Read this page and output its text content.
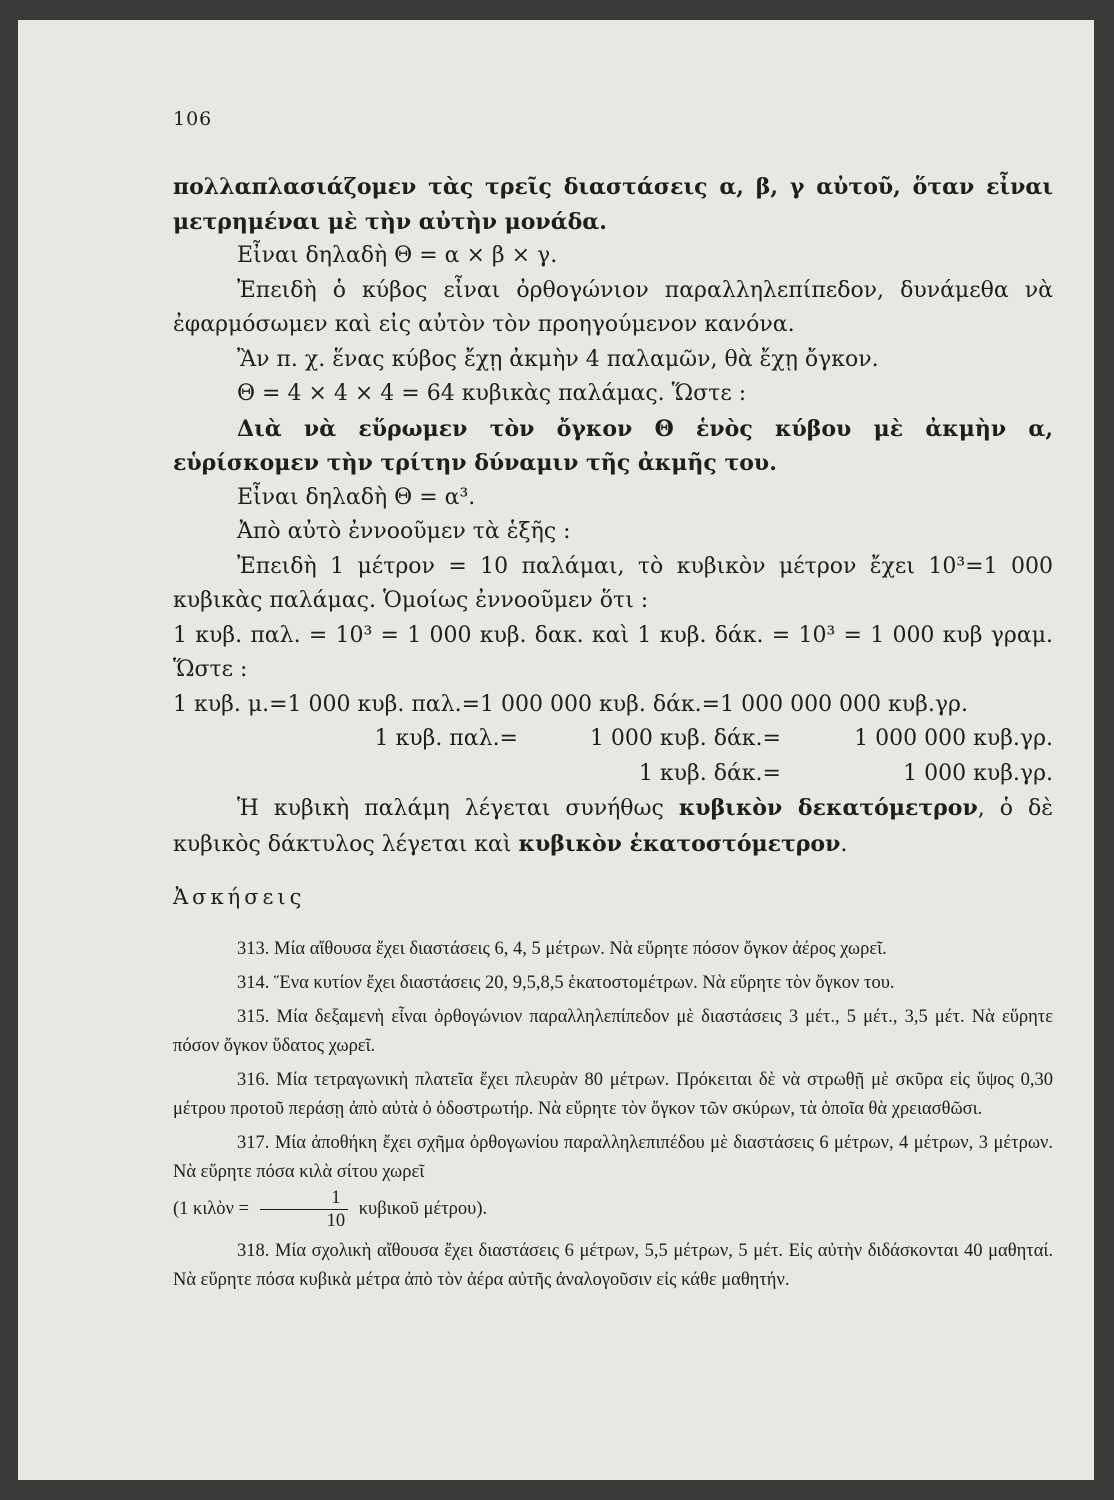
106

πολλαπλασιάζομεν τὰς τρεῖς διαστάσεις α, β, γ αὐτοῦ, ὅταν εἶναι μετρημέναι μὲ τὴν αὐτὴν μονάδα.

Εἶναι δηλαδὴ Θ = α × β × γ.

Ἐπειδὴ ὁ κύβος εἶναι ὀρθογώνιον παραλληλεπίπεδον, δυνάμεθα νὰ ἐφαρμόσωμεν καὶ εἰς αὐτὸν τὸν προηγούμενον κανόνα.

Ἂν π. χ. ἕνας κύβος ἔχῃ ἀκμὴν 4 παλαμῶν, θὰ ἔχῃ ὄγκον.

Θ = 4 × 4 × 4 = 64 κυβικὰς παλάμας. Ὥστε :

Διὰ νὰ εὕρωμεν τὸν ὄγκον Θ ἑνὸς κύβου μὲ ἀκμὴν α, εὑρίσκομεν τὴν τρίτην δύναμιν τῆς ἀκμῆς του.

Εἶναι δηλαδὴ Θ = α³.

Ἀπὸ αὐτὸ ἐννοοῦμεν τὰ ἑξῆς :

Ἐπειδὴ 1 μέτρον = 10 παλάμαι, τὸ κυβικὸν μέτρον ἔχει 10³=1 000 κυβικὰς παλάμας. Ὁμοίως ἐννοοῦμεν ὅτι :

1 κυβ. παλ. = 10³ = 1 000 κυβ. δακ. καὶ 1 κυβ. δάκ. = 10³ = 1 000 κυβ γραμ. Ὥστε :

1 κυβ. μ.=1 000 κυβ. παλ.=1 000 000 κυβ. δάκ.=1 000 000 000 κυβ.γρ.		
1 κυβ. παλ.=	1 000 κυβ. δάκ.=	1 000 000 κυβ.γρ.
	1 κυβ. δάκ.=	1 000 κυβ.γρ.

Ἡ κυβικὴ παλάμη λέγεται συνήθως κυβικὸν δεκατόμετρον, ὁ δὲ κυβικὸς δάκτυλος λέγεται καὶ κυβικὸν ἑκατοστόμετρον.

Ἀσκήσεις

313. Μία αἴθουσα ἔχει διαστάσεις 6, 4, 5 μέτρων. Νὰ εὕρητε πόσον ὄγκον ἀέρος χωρεῖ.

314. Ἕνα κυτίον ἔχει διαστάσεις 20, 9,5,8,5 ἑκατοστομέτρων. Νὰ εὕρητε τὸν ὄγκον του.

315. Μία δεξαμενὴ εἶναι ὀρθογώνιον παραλληλεπίπεδον μὲ διαστάσεις 3 μέτ., 5 μέτ., 3,5 μέτ. Νὰ εὕρητε πόσον ὄγκον ὕδατος χωρεῖ.

316. Μία τετραγωνικὴ πλατεῖα ἔχει πλευρὰν 80 μέτρων. Πρόκειται δὲ νὰ στρωθῇ μὲ σκῦρα εἰς ὕψος 0,30 μέτρου προτοῦ περάσῃ ἀπὸ αὐτὰ ὁ ὁδοστρωτήρ. Νὰ εὕρητε τὸν ὄγκον τῶν σκύρων, τὰ ὁποῖα θὰ χρειασθῶσι.

317. Μία ἀποθήκη ἔχει σχῆμα ὀρθογωνίου παραλληλεπιπέδου μὲ διαστάσεις 6 μέτρων, 4 μέτρων, 3 μέτρων. Νὰ εὕρητε πόσα κιλὰ σίτου χωρεῖ
(1 κιλὸν = $\frac{1}{10}$ κυβικοῦ μέτρου).

318. Μία σχολικὴ αἴθουσα ἔχει διαστάσεις 6 μέτρων, 5,5 μέτρων, 5 μέτ. Εἰς αὐτὴν διδάσκονται 40 μαθηταί. Νὰ εὕρητε πόσα κυβικὰ μέτρα ἀπὸ τὸν ἀέρα αὐτῆς ἀναλογοῦσιν εἰς κάθε μαθητήν.
